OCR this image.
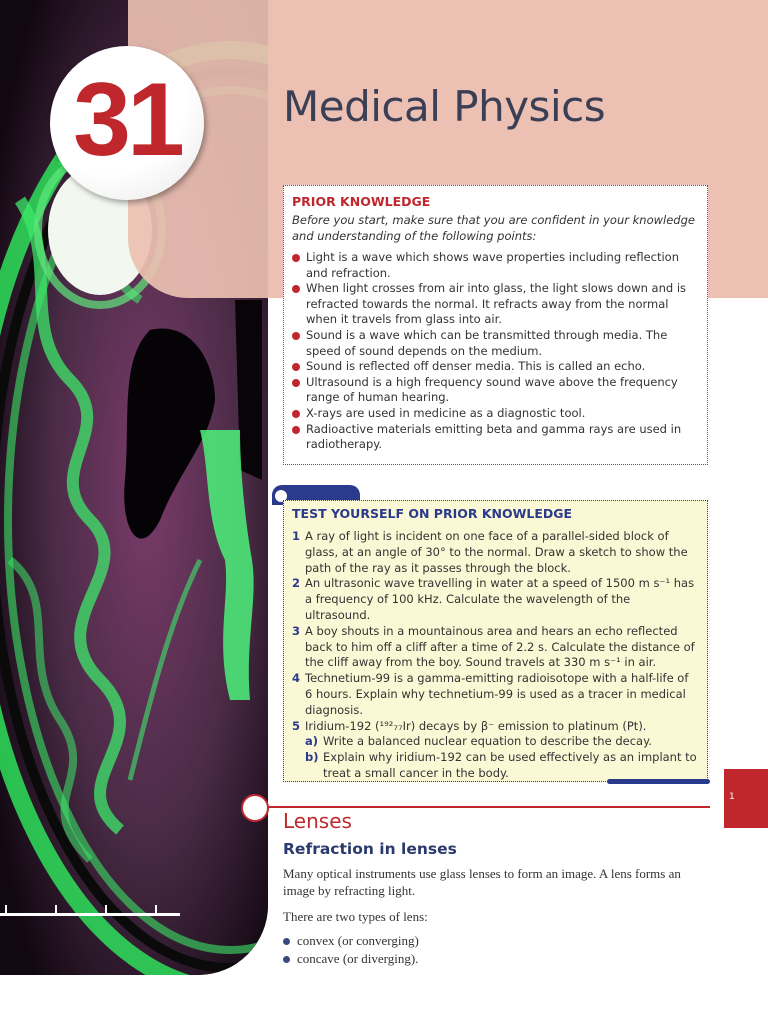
31 Medical Physics

PRIOR KNOWLEDGE

Before you start, make sure that you are confident in your knowledge and understanding of the following points:

Light is a wave which shows wave properties including reflection and refraction.
When light crosses from air into glass, the light slows down and is refracted towards the normal. It refracts away from the normal when it travels from glass into air.
Sound is a wave which can be transmitted through media. The speed of sound depends on the medium.
Sound is reflected off denser media. This is called an echo.
Ultrasound is a high frequency sound wave above the frequency range of human hearing.
X-rays are used in medicine as a diagnostic tool.
Radioactive materials emitting beta and gamma rays are used in radiotherapy.

TEST YOURSELF ON PRIOR KNOWLEDGE

1 A ray of light is incident on one face of a parallel-sided block of glass, at an angle of 30° to the normal. Draw a sketch to show the path of the ray as it passes through the block.
2 An ultrasonic wave travelling in water at a speed of 1500 m s⁻¹ has a frequency of 100 kHz. Calculate the wavelength of the ultrasound.
3 A boy shouts in a mountainous area and hears an echo reflected back to him off a cliff after a time of 2.2 s. Calculate the distance of the cliff away from the boy. Sound travels at 330 m s⁻¹ in air.
4 Technetium-99 is a gamma-emitting radioisotope with a half-life of 6 hours. Explain why technetium-99 is used as a tracer in medical diagnosis.
5 Iridium-192 (¹⁹²₇₇Ir) decays by β⁻ emission to platinum (Pt).
a) Write a balanced nuclear equation to describe the decay.
b) Explain why iridium-192 can be used effectively as an implant to treat a small cancer in the body.
1
Lenses
Refraction in lenses
Many optical instruments use glass lenses to form an image. A lens forms an image by refracting light.
There are two types of lens:
convex (or converging)
concave (or diverging).
